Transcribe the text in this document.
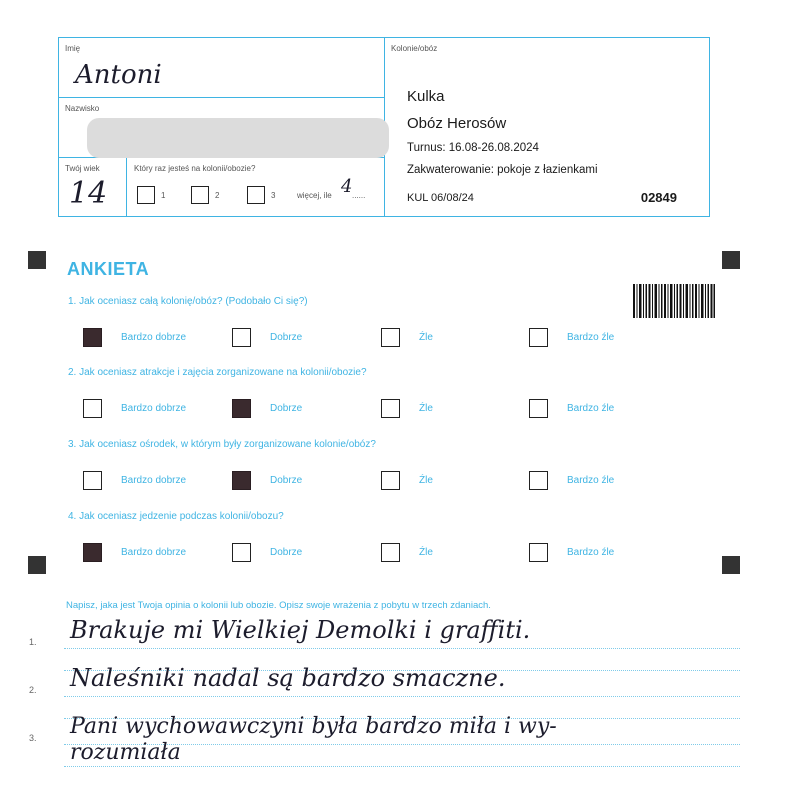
Imię
Antoni
Nazwisko
Twój wiek
14
Który raz jesteś na kolonii/obozie?
1	2	3	więcej, ile 4 ......
Kolonie/obóz
Kulka
Obóz Herosów
Turnus: 16.08-26.08.2024
Zakwaterowanie: pokoje z łazienkami
KUL 06/08/24	02849
ANKIETA
1. Jak oceniasz całą kolonię/obóz? (Podobało Ci się?)
Bardzo dobrze	Dobrze	Źle	Bardzo źle
2. Jak oceniasz atrakcje i zajęcia zorganizowane na kolonii/obozie?
Bardzo dobrze	Dobrze	Źle	Bardzo źle
3. Jak oceniasz ośrodek, w którym były zorganizowane kolonie/obóz?
Bardzo dobrze	Dobrze	Źle	Bardzo źle
4. Jak oceniasz jedzenie podczas kolonii/obozu?
Bardzo dobrze	Dobrze	Źle	Bardzo źle
Napisz, jaka jest Twoja opinia o kolonii lub obozie. Opisz swoje wrażenia z pobytu w trzech zdaniach.
1.
2.
3.
Brakuje mi Wielkiej Demolki i graffiti.
Naleśniki nadal są bardzo smaczne.
Pani wychowawczyni była bardzo miła i wy-
rozumiała
